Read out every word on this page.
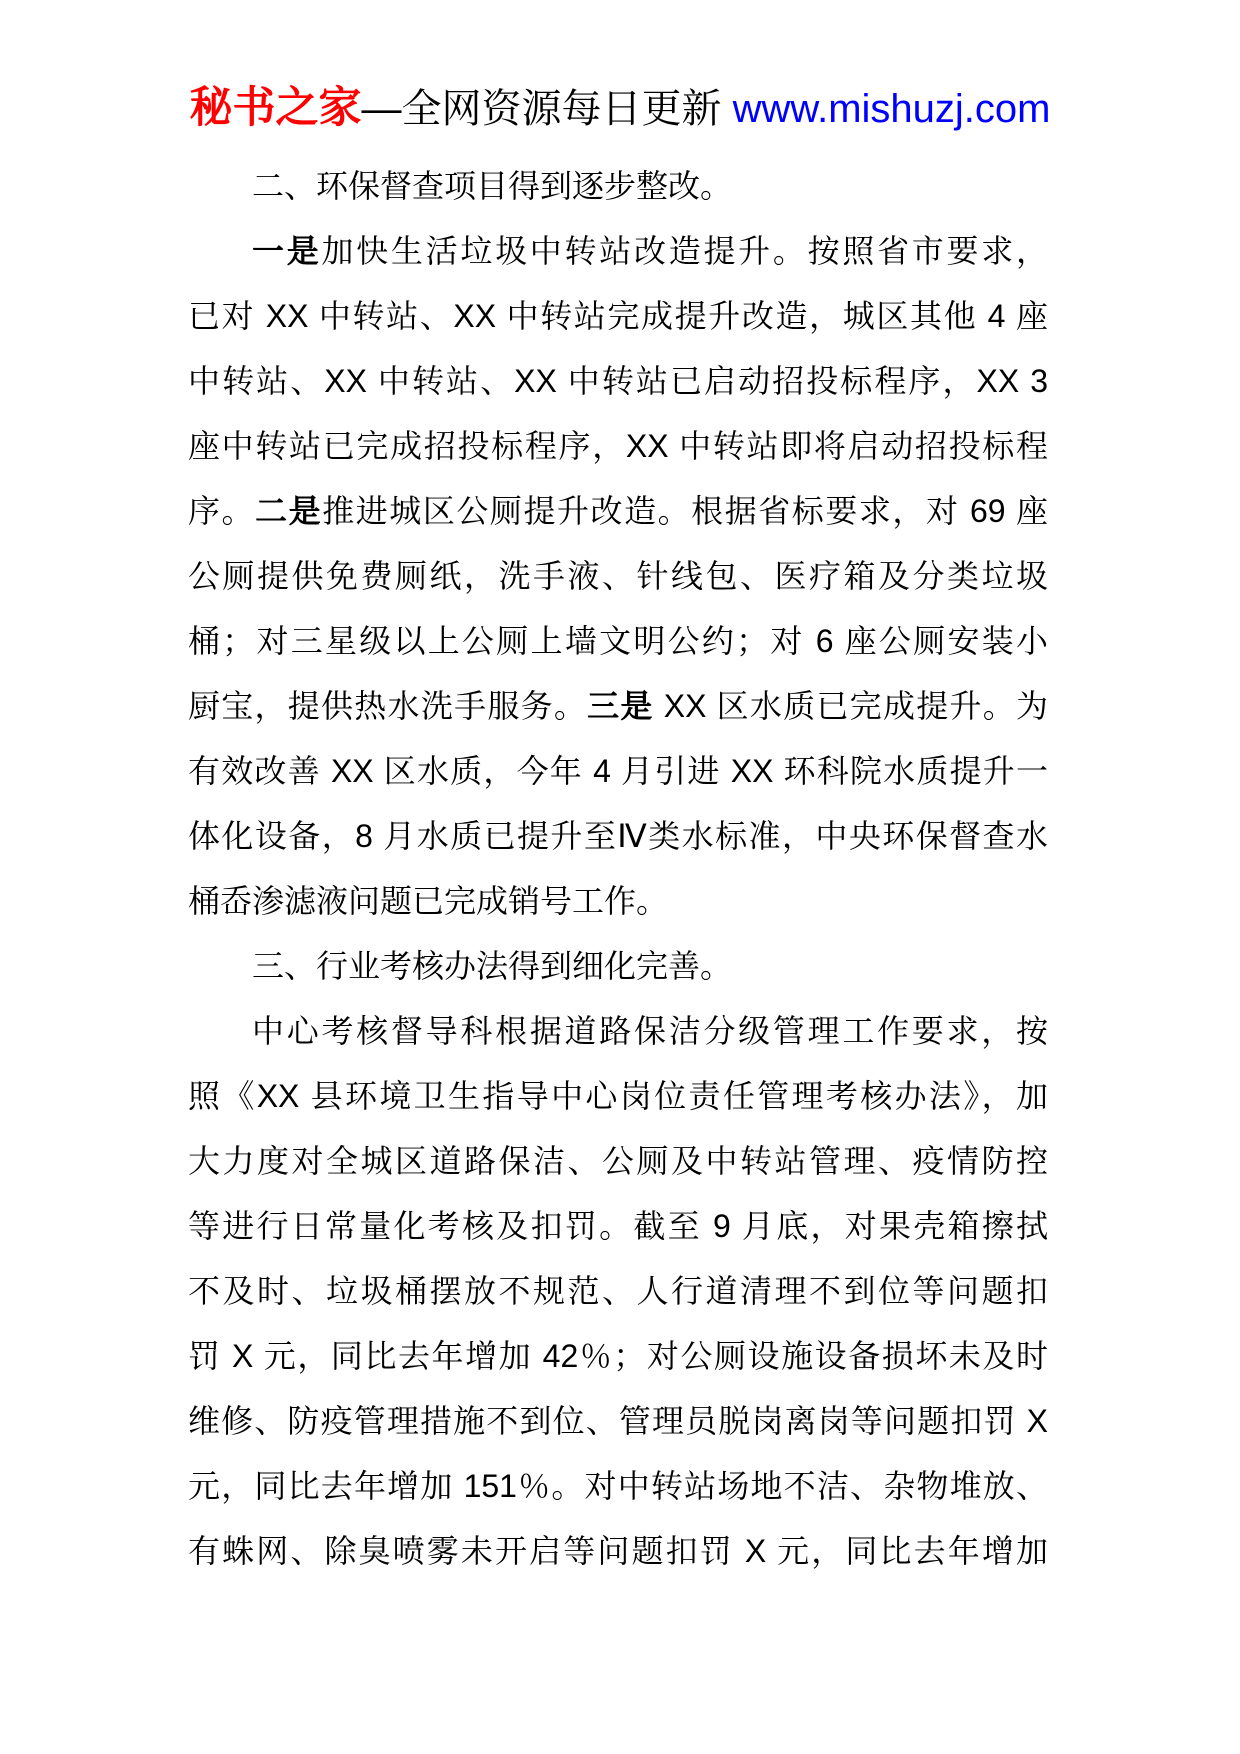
秘书之家—全网资源每日更新 www.mishuzj.com
二、环保督查项目得到逐步整改。
一是加快生活垃圾中转站改造提升。按照省市要求，
已对 XX 中转站、XX 中转站完成提升改造，城区其他 4 座
中转站、XX 中转站、XX 中转站已启动招投标程序，XX 3
座中转站已完成招投标程序，XX 中转站即将启动招投标程
序。二是推进城区公厕提升改造。根据省标要求，对 69 座
公厕提供免费厕纸，洗手液、针线包、医疗箱及分类垃圾
桶；对三星级以上公厕上墙文明公约；对 6 座公厕安装小
厨宝，提供热水洗手服务。三是 XX 区水质已完成提升。为
有效改善 XX 区水质，今年 4 月引进 XX 环科院水质提升一
体化设备，8 月水质已提升至Ⅳ类水标准，中央环保督查水
桶岙渗滤液问题已完成销号工作。
三、行业考核办法得到细化完善。
中心考核督导科根据道路保洁分级管理工作要求，按
照《XX 县环境卫生指导中心岗位责任管理考核办法》，加
大力度对全城区道路保洁、公厕及中转站管理、疫情防控
等进行日常量化考核及扣罚。截至 9 月底，对果壳箱擦拭
不及时、垃圾桶摆放不规范、人行道清理不到位等问题扣
罚 X 元，同比去年增加 42％；对公厕设施设备损坏未及时
维修、防疫管理措施不到位、管理员脱岗离岗等问题扣罚 X
元，同比去年增加 151％。对中转站场地不洁、杂物堆放、
有蛛网、除臭喷雾未开启等问题扣罚 X 元，同比去年增加
